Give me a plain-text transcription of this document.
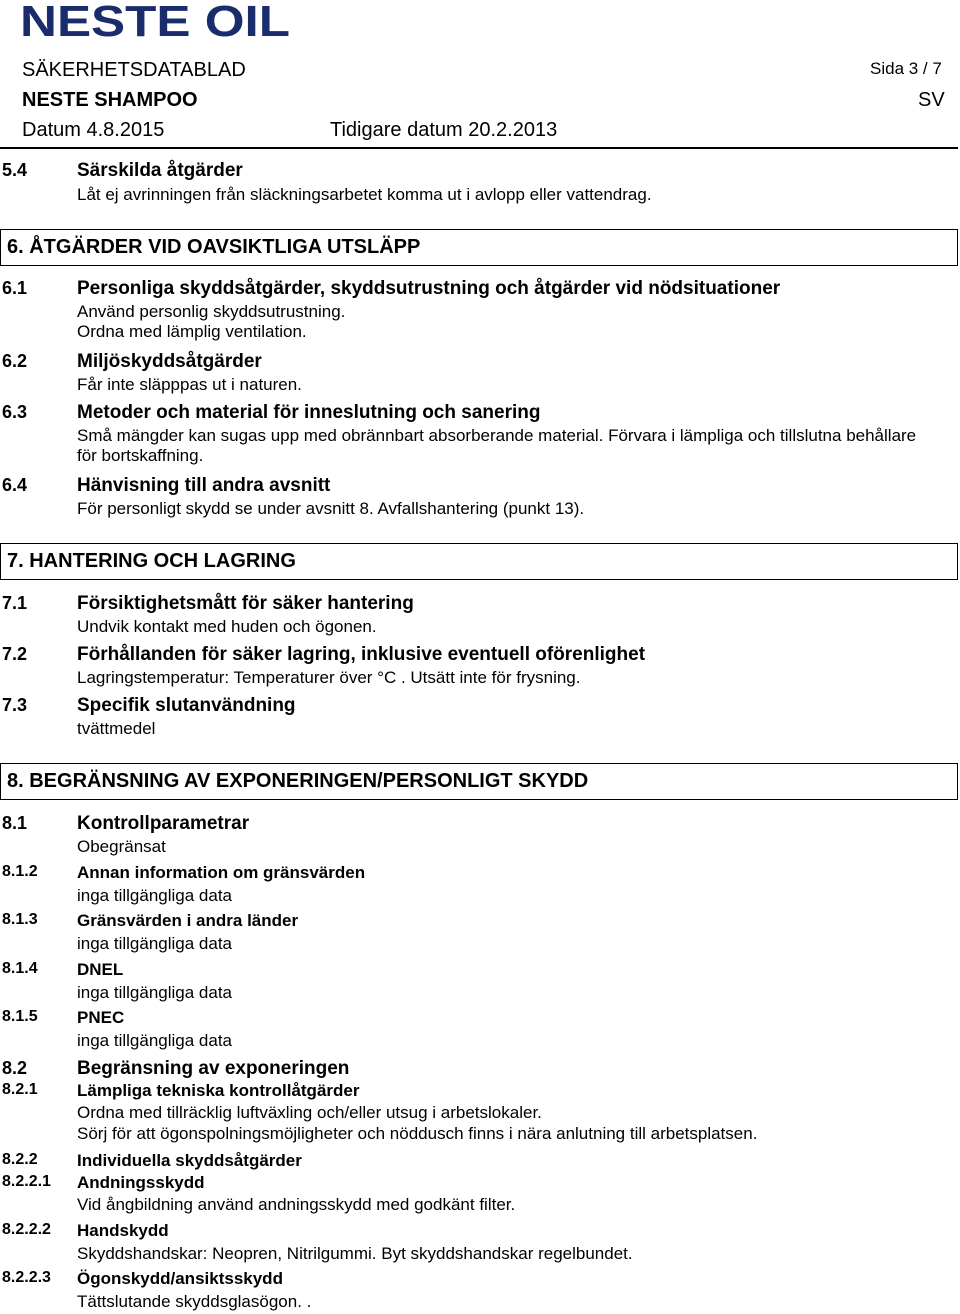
NESTE OIL
SÄKERHETSDATABLAD	Sida 3 / 7
NESTE SHAMPOO	SV
Datum 4.8.2015	Tidigare datum 20.2.2013
5.4	Särskilda åtgärder
Låt ej avrinningen från släckningsarbetet komma ut i avlopp eller vattendrag.
6. ÅTGÄRDER VID OAVSIKTLIGA UTSLÄPP
6.1	Personliga skyddsåtgärder, skyddsutrustning och åtgärder vid nödsituationer
Använd personlig skyddsutrustning.
Ordna med lämplig ventilation.
6.2	Miljöskyddsåtgärder
Får inte släpppas ut i naturen.
6.3	Metoder och material för inneslutning och sanering
Små mängder kan sugas upp med obrännbart absorberande material. Förvara i lämpliga och tillslutna behållare
för bortskaffning.
6.4	Hänvisning till andra avsnitt
För personligt skydd se under avsnitt 8. Avfallshantering (punkt 13).
7. HANTERING OCH LAGRING
7.1	Försiktighetsmått för säker hantering
Undvik kontakt med huden och ögonen.
7.2	Förhållanden för säker lagring, inklusive eventuell oförenlighet
Lagringstemperatur: Temperaturer över °C . Utsätt inte för frysning.
7.3	Specifik slutanvändning
tvättmedel
8. BEGRÄNSNING AV EXPONERINGEN/PERSONLIGT SKYDD
8.1	Kontrollparametrar
Obegränsat
8.1.2 Annan information om gränsvärden
inga tillgängliga data
8.1.3 Gränsvärden i andra länder
inga tillgängliga data
8.1.4 DNEL
inga tillgängliga data
8.1.5 PNEC
inga tillgängliga data
8.2	Begränsning av exponeringen
8.2.1 Lämpliga tekniska kontrollåtgärder
Ordna med tillräcklig luftväxling och/eller utsug i arbetslokaler.
Sörj för att ögonspolningsmöjligheter och nöddusch finns i nära anlutning till arbetsplatsen.
8.2.2 Individuella skyddsåtgärder
8.2.2.1 Andningsskydd
Vid ångbildning använd andningsskydd med godkänt filter.
8.2.2.2 Handskydd
Skyddshandskar: Neopren, Nitrilgummi. Byt skyddshandskar regelbundet.
8.2.2.3 Ögonskydd/ansiktsskydd
Tättslutande skyddsglasögon. .
